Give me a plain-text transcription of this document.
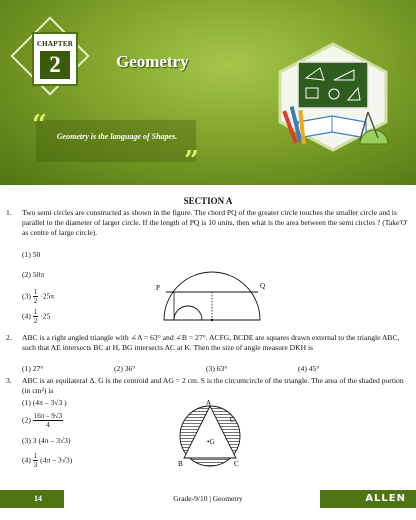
CHAPTER
2	Geometry
“	Geometry is the language of Shapes.
”
SECTION A
1. Two semi circles are constructed as shown in the figure. The chord PQ of the greater circle touches the smaller circle and is parallel to the diameter of larger circle. If the length of PQ is 10 units, then what is the area between the semi circles ? (Take'O' as centre of large circle).
(1) 50
(2) 50π
$(3) \frac{1}{2} \cdot 25\pi$
$(4) \frac{1}{2} \cdot 25$
P	Q
2. ABC is a right angled triangle with ∠A = 63° and ∠B = 27°. ACFG, BCDE are squares drawn external to the triangle ABC, such that AE intersects BC at H, BG intersects AC at K. Then the size of angle measure DKH is
(1) 27°	(2) 36°	(3) 63°	(4) 45°
3. ABC is an equilateral Δ. G is the centroid and AG = 2 cm. S is the circumcircle of the triangle. The area of the shaded portion (in cm²) is
(1) (4π – 3√3 )
$(2) \frac{16\pi - 9√3}{4}$
(3) 3 (4π – 3√3)
$(4) \frac{1}{3} (4\pi - 3√3)$
A
B	C
C
•G
14	Grade-9/10 | Geometry	ALLEN
